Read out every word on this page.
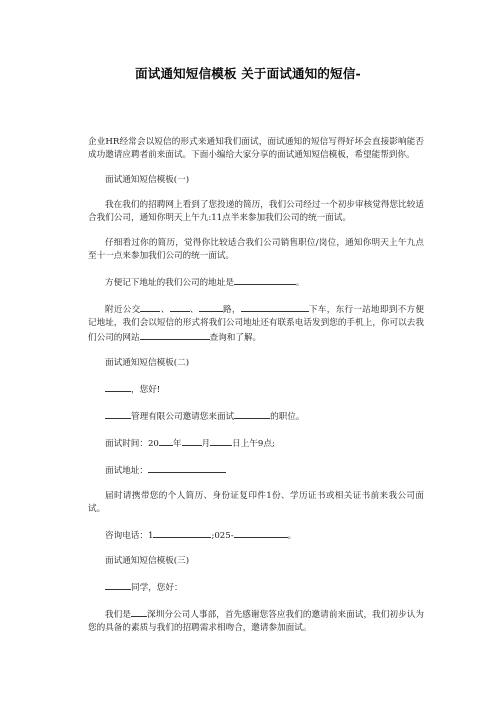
面试通知短信模板 关于面试通知的短信-

企业HR经常会以短信的形式来通知我们面试，面试通知的短信写得好坏会直接影响能否成功邀请应聘者前来面试。下面小编给大家分享的面试通知短信模板，希望能帮到你。

面试通知短信模板(一)

我在我们的招聘网上看到了您投递的简历，我们公司经过一个初步审核觉得您比较适合我们公司，通知你明天上午九:11点半来参加我们公司的统一面试。

仔细看过你的简历，觉得你比较适合我们公司销售职位/岗位，通知你明天上午九点至十一点来参加我们公司的统一面试。

方便记下地址的我们公司的地址是	。

附近公交 、 、	路，	下车，东行一站地即到不方便记地址，我们会以短信的形式将我们公司地址还有联系电话发到您的手机上，你可以去我们公司的网站	查询和了解。

面试通知短信模板(二)

，您好!

管理有限公司邀请您来面试	的职位。

面试时间：20 年 月	日上午9点;

面试地址：

届时请携带您的个人简历、身份证复印件1份、学历证书或相关证书前来我公司面试。

咨询电话：1	;025-	。

面试通知短信模板(三)

同学，您好：

我们是 深圳分公司人事部，首先感谢您答应我们的邀请前来面试，我们初步认为您的具备的素质与我们的招聘需求相吻合，邀请参加面试。
